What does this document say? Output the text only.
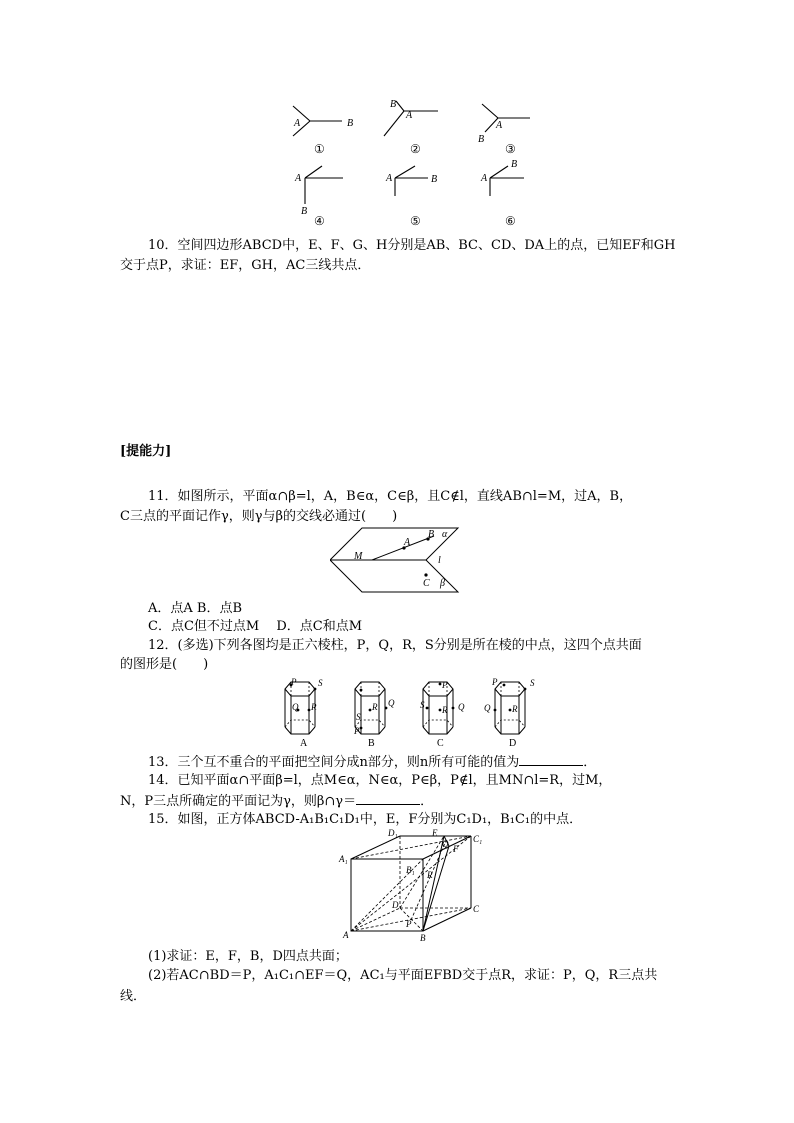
A	B
B
A
A
B
A
B
A	B	A
B
①	②	③
④	⑤	⑥
10．空间四边形ABCD中，E、F、G、H分别是AB、BC、CD、DA上的点，已知EF和GH
交于点P，求证：EF，GH，AC三线共点．
[提能力]
11．如图所示，平面α∩β=l，A，B∈α，C∈β，且C∉l，直线AB∩l=M，过A，B，
C三点的平面记作γ，则γ与β的交线必通过(　　)
M
A
B α
l
C β
A．点A B．点B
C．点C但不过点M　 D．点C和点M
12．(多选)下列各图均是正六棱柱，P，Q，R，S分别是所在棱的中点，这四个点共面
的图形是(　　)
P S
Q R
P
Q
R
S
P
Q
S R
P	S
Q R
A	B	C	D
13．三个互不重合的平面把空间分成n部分，则n所有可能的值为	．
14．已知平面α∩平面β=l，点M∈α，N∈α，P∈β，P∉l，且MN∩l=R，过M，
N，P三点所确定的平面记为γ，则β∩γ＝	．
15．如图，正方体ABCD-A₁B₁C₁D₁中，E，F分别为C₁D₁，B₁C₁的中点．
D₁	E
C₁
A₁
Q F
B₁ R
D	C
A
P
B
(1)求证：E，F，B，D四点共面；
(2)若AC∩BD＝P，A₁C₁∩EF＝Q，AC₁与平面EFBD交于点R，求证：P，Q，R三点共
线．
